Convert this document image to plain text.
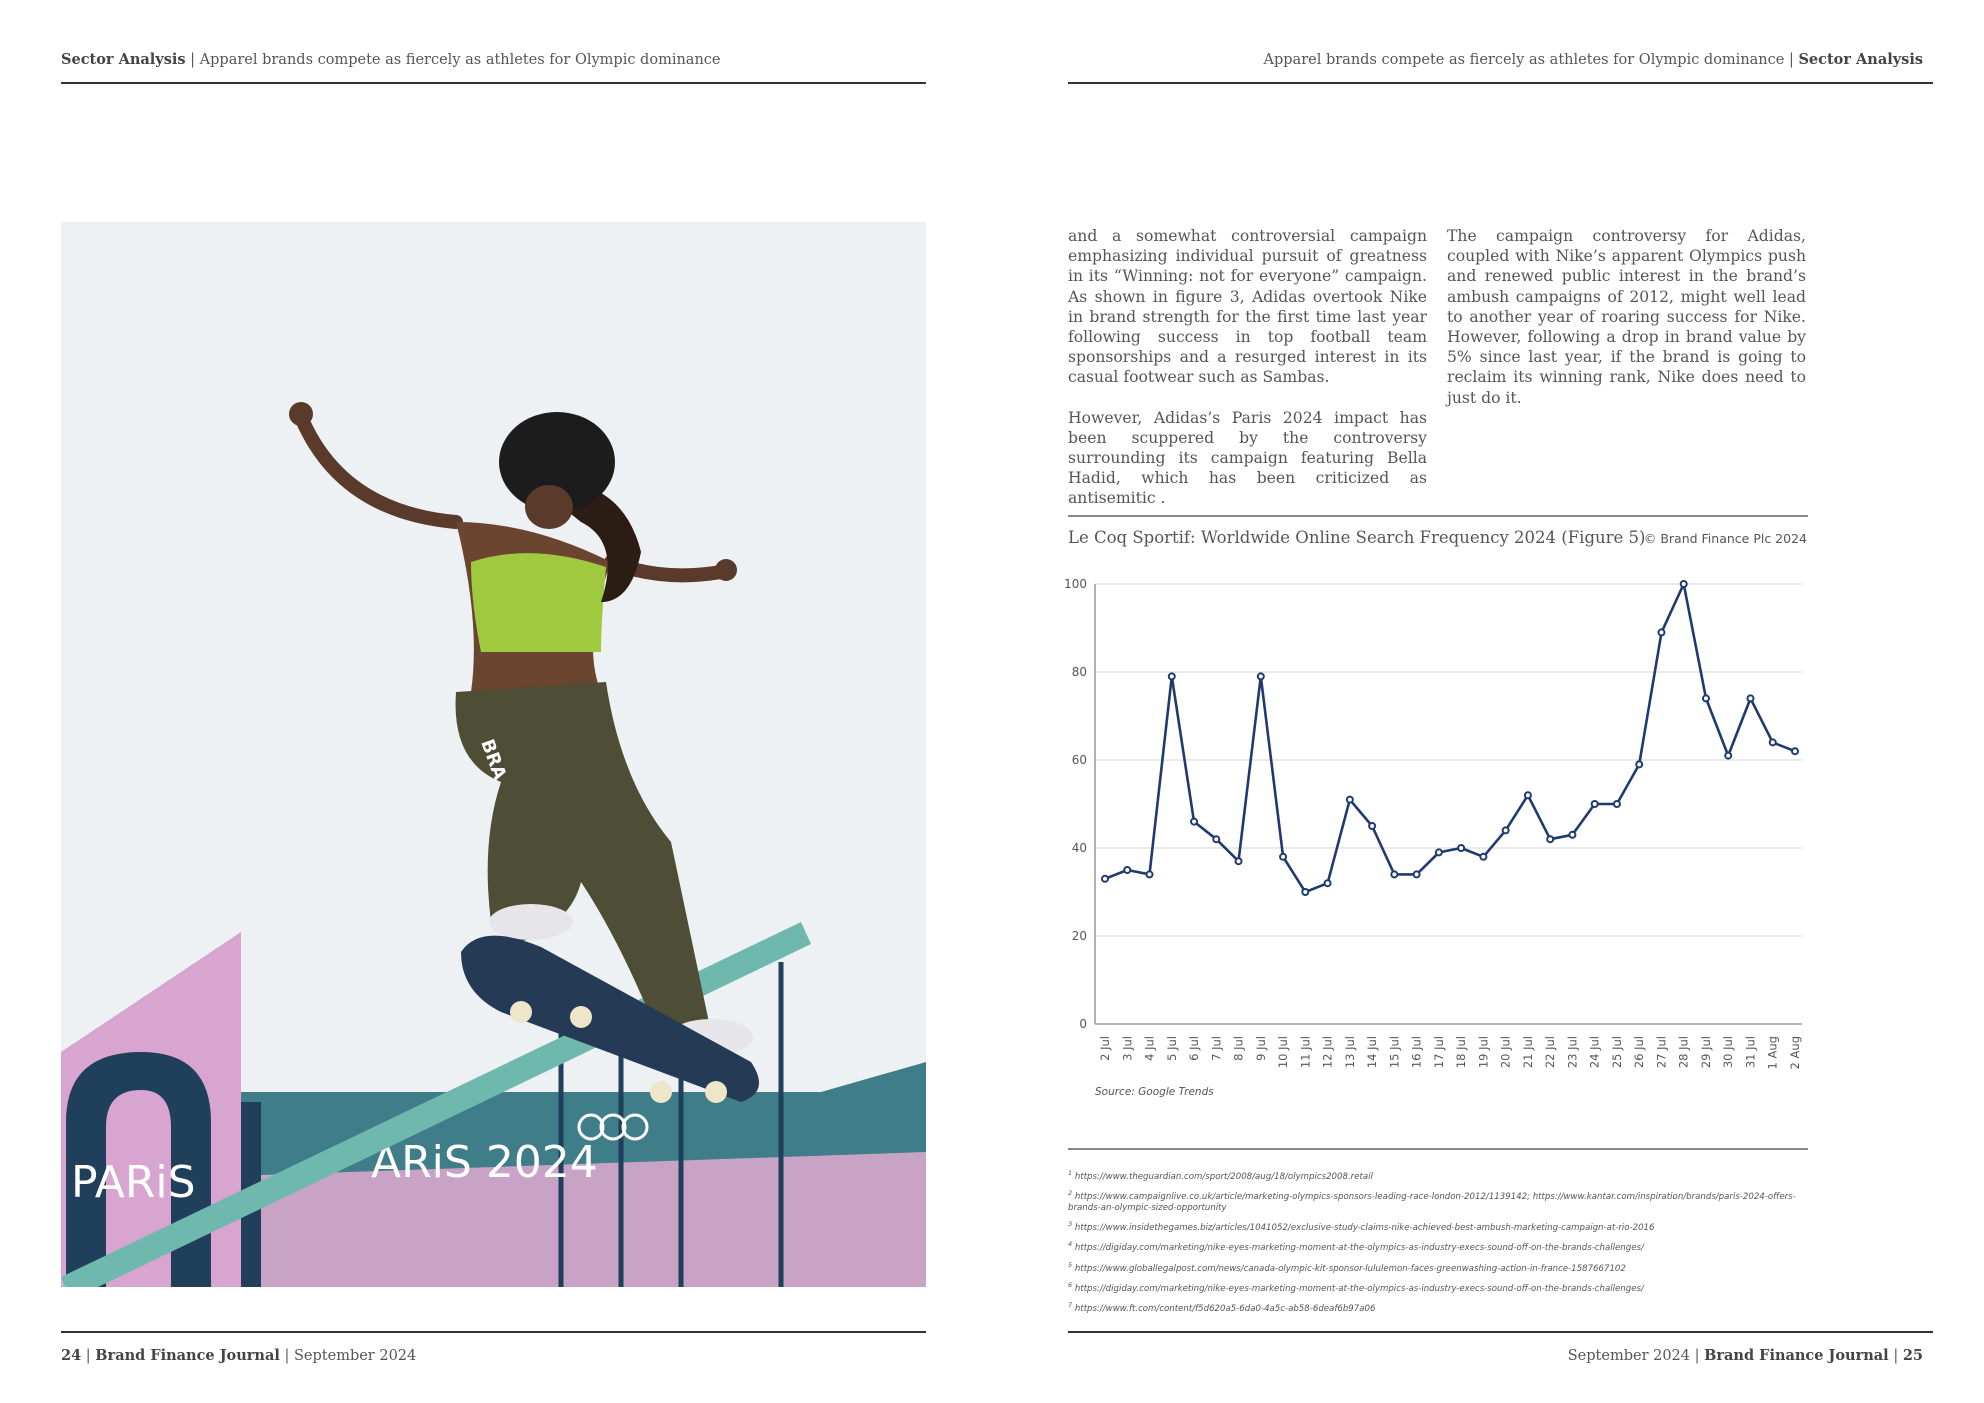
Sector Analysis | Apparel brands compete as fiercely as athletes for Olympic dominance	Apparel brands compete as fiercely as athletes for Olympic dominance | Sector Analysis
PARiS	ARiS 2024
BRA

and a somewhat controversial campaign emphasizing individual pursuit of greatness in its “Winning: not for everyone” campaign. As shown in figure 3, Adidas overtook Nike in brand strength for the first time last year following success in top football team sponsorships and a resurged interest in its casual footwear such as Sambas.

However, Adidas’s Paris 2024 impact has been scuppered by the controversy surrounding its campaign featuring Bella Hadid, which has been criticized as antisemitic .

The campaign controversy for Adidas, coupled with Nike’s apparent Olympics push and renewed public interest in the brand’s ambush campaigns of 2012, might well lead to another year of roaring success for Nike. However, following a drop in brand value by 5% since last year, if the brand is going to reclaim its winning rank, Nike does need to just do it.

Le Coq Sportif: Worldwide Online Search Frequency 2024 (Figure 5)
© Brand Finance Plc 2024
0
20
40
60
80
100
2 Jul 3 Jul 4 Jul 5 Jul 6 Jul 7 Jul 8 Jul 9 Jul 10 Jul 11 Jul 12 Jul 13 Jul 14 Jul 15 Jul 16 Jul 17 Jul 18 Jul 19 Jul 20 Jul 21 Jul 22 Jul 23 Jul 24 Jul 25 Jul 26 Jul 27 Jul 28 Jul 29 Jul 30 Jul 31 Jul 1 Aug 2 Aug
Source: Google Trends
$^1$ https://www.theguardian.com/sport/2008/aug/18/olympics2008.retail
$^2$ https://www.campaignlive.co.uk/article/marketing-olympics-sponsors-leading-race-london-2012/1139142; https://www.kantar.com/inspiration/brands/paris-2024-offers-brands-an-olympic-sized-opportunity
$^3$ https://www.insidethegames.biz/articles/1041052/exclusive-study-claims-nike-achieved-best-ambush-marketing-campaign-at-rio-2016
$^4$ https://digiday.com/marketing/nike-eyes-marketing-moment-at-the-olympics-as-industry-execs-sound-off-on-the-brands-challenges/
$^5$ https://www.globallegalpost.com/news/canada-olympic-kit-sponsor-lululemon-faces-greenwashing-action-in-france-1587667102
$^6$ https://digiday.com/marketing/nike-eyes-marketing-moment-at-the-olympics-as-industry-execs-sound-off-on-the-brands-challenges/
$^7$ https://www.ft.com/content/f5d620a5-6da0-4a5c-ab58-6deaf6b97a06
24 | Brand Finance Journal | September 2024	September 2024 | Brand Finance Journal | 25
